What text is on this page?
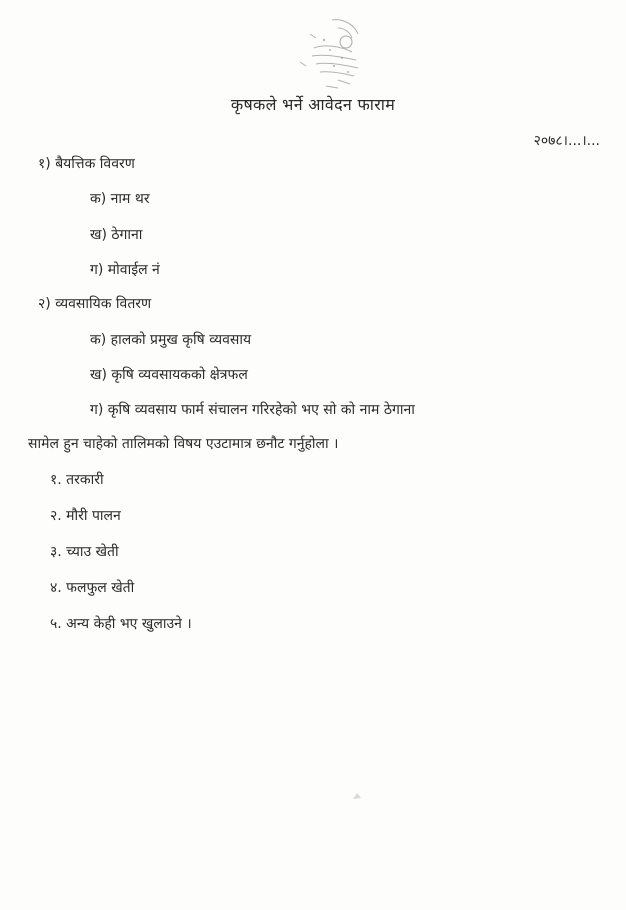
कृषकले भर्ने आवेदन फाराम
२०७८।...।...
१) बैयत्तिक विवरण
क) नाम थर
ख) ठेगाना
ग) मोवाईल नं
२) व्यवसायिक वितरण
क) हालको प्रमुख कृषि व्यवसाय
ख) कृषि व्यवसायकको क्षेत्रफल
ग) कृषि व्यवसाय फार्म संचालन गरिरहेको भए सो को नाम ठेगाना
सामेल हुन चाहेको तालिमको विषय एउटामात्र छनौट गर्नुहोला ।
१. तरकारी
२. मौरी पालन
३. च्याउ खेती
४. फलफुल खेती
५. अन्य केही भए खुलाउने ।
